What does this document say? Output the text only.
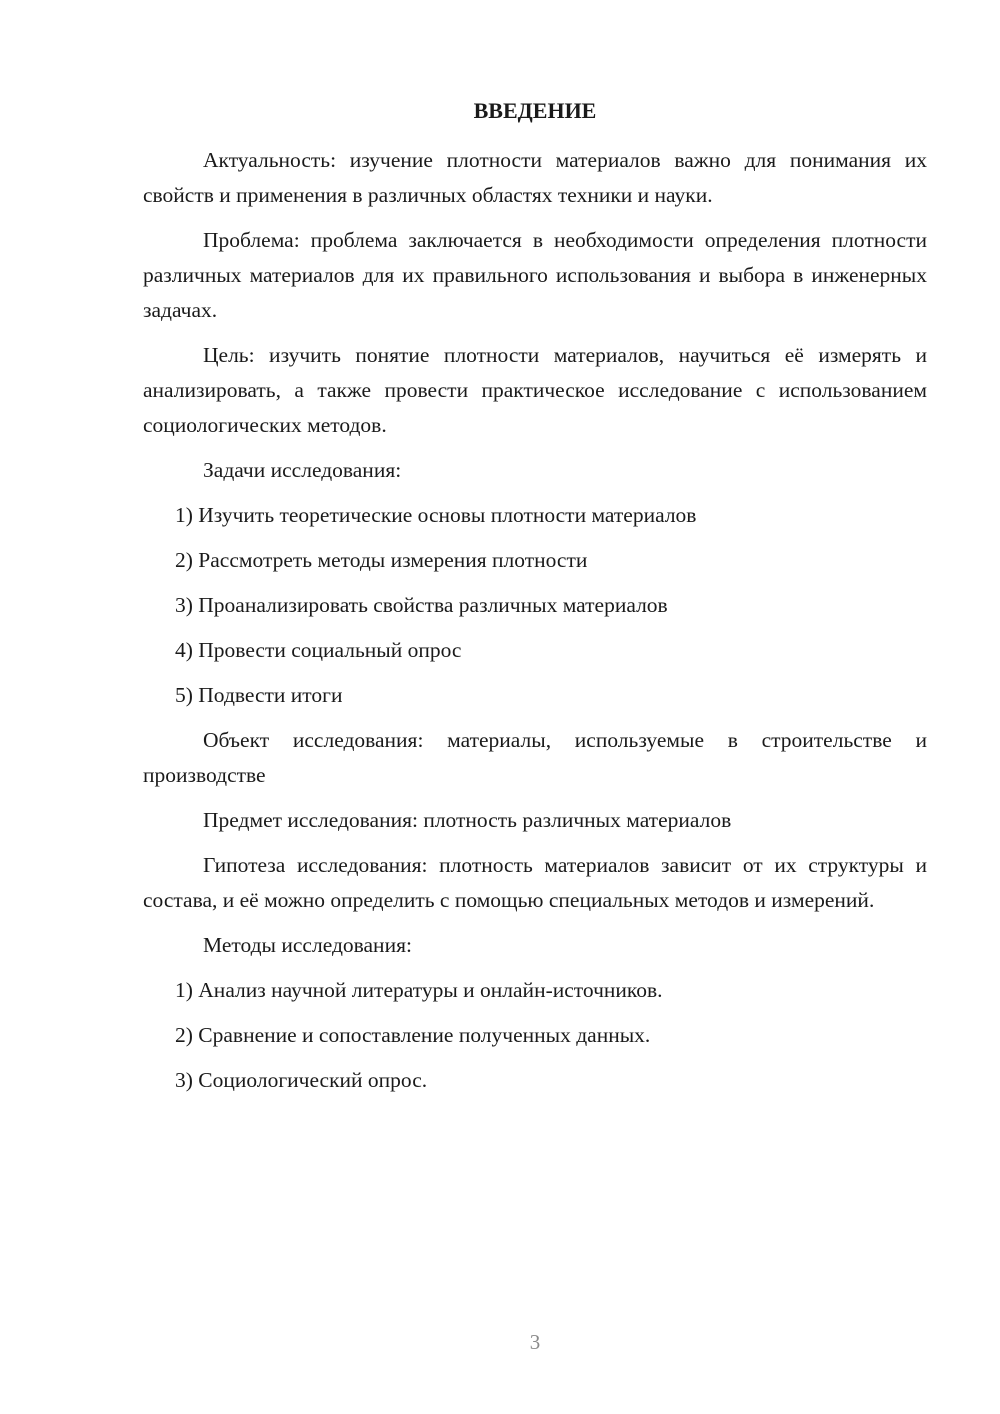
ВВЕДЕНИЕ

Актуальность: изучение плотности материалов важно для понимания их свойств и применения в различных областях техники и науки.

Проблема: проблема заключается в необходимости определения плотности различных материалов для их правильного использования и выбора в инженерных задачах.

Цель: изучить понятие плотности материалов, научиться её измерять и анализировать, а также провести практическое исследование с использованием социологических методов.

Задачи исследования:

1) Изучить теоретические основы плотности материалов
2) Рассмотреть методы измерения плотности
3) Проанализировать свойства различных материалов
4) Провести социальный опрос
5) Подвести итоги

Объект исследования: материалы, используемые в строительстве и производстве

Предмет исследования: плотность различных материалов

Гипотеза исследования: плотность материалов зависит от их структуры и состава, и её можно определить с помощью специальных методов и измерений.

Методы исследования:

1) Анализ научной литературы и онлайн-источников.
2) Сравнение и сопоставление полученных данных.
3) Социологический опрос.
3
